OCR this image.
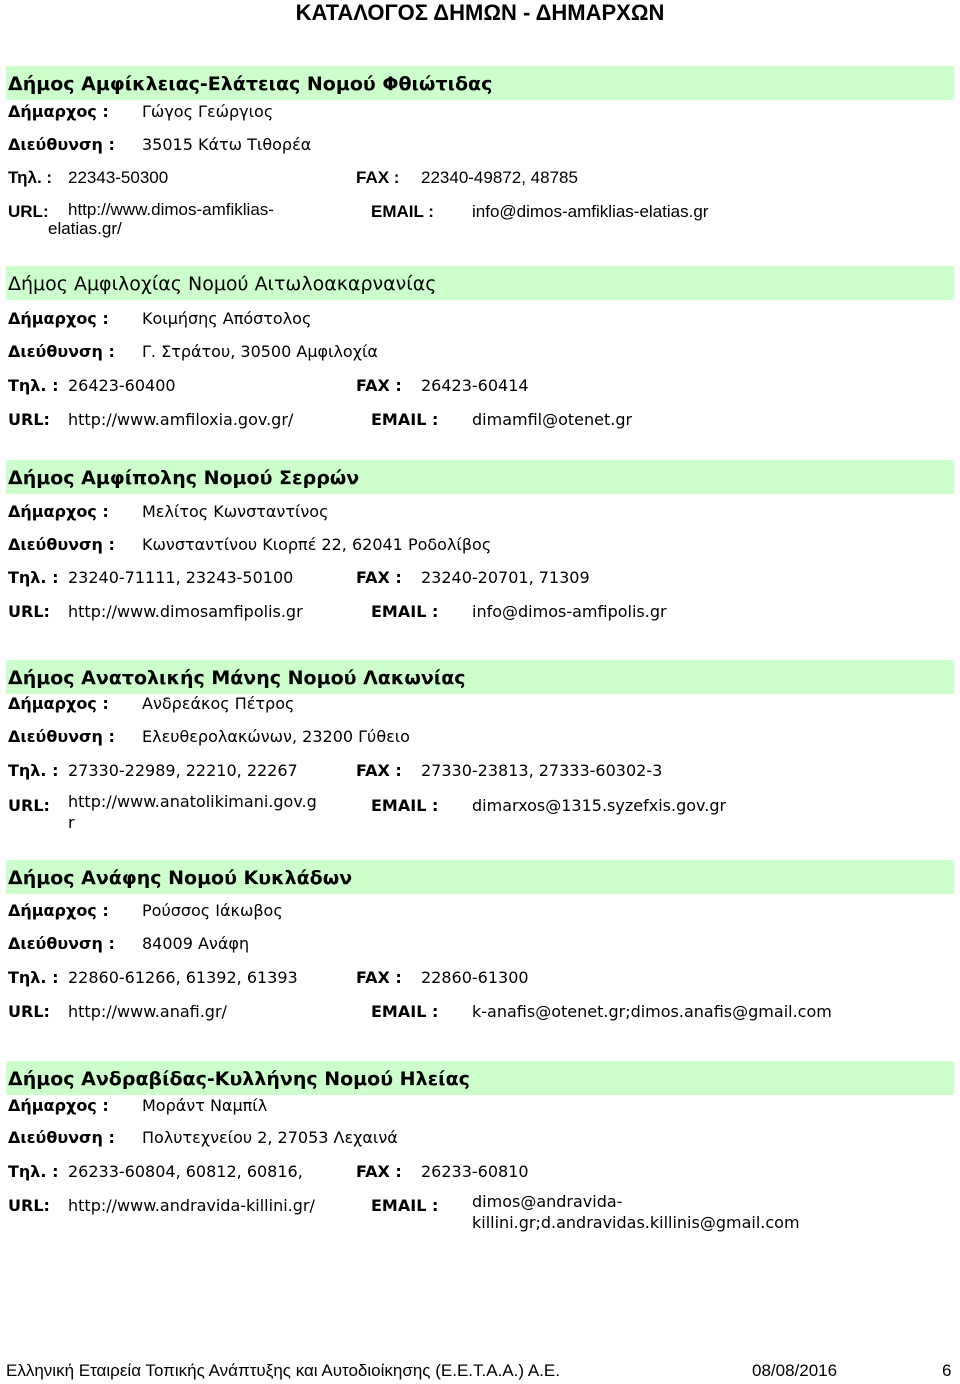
ΚΑΤΑΛΟΓΟΣ ΔΗΜΩΝ - ΔΗΜΑΡΧΩΝ
Δήμος Αμφίκλειας-Ελάτειας Νομού Φθιώτιδας
Δήμαρχος : Γώγος Γεώργιος
Διεύθυνση : 35015 Κάτω Τιθορέα
Τηλ. : 22343-50300	FAX : 22340-49872, 48785
URL: http://www.dimos-amfiklias-
elatias.gr/
EMAIL : info@dimos-amfiklias-elatias.gr
Δήμος Αμφιλοχίας Νομού Αιτωλοακαρνανίας
Δήμαρχος : Κοιμήσης Απόστολος
Διεύθυνση : Γ. Στράτου, 30500 Αμφιλοχία
Τηλ. : 26423-60400	FAX : 26423-60414
URL: http://www.amfiloxia.gov.gr/	EMAIL : dimamfil@otenet.gr
Δήμος Αμφίπολης Νομού Σερρών
Δήμαρχος : Μελίτος Κωνσταντίνος
Διεύθυνση : Κωνσταντίνου Κιορπέ 22, 62041 Ροδολίβος
Τηλ. : 23240-71111, 23243-50100	FAX : 23240-20701, 71309
URL: http://www.dimosamfipolis.gr	EMAIL : info@dimos-amfipolis.gr
Δήμος Ανατολικής Μάνης Νομού Λακωνίας
Δήμαρχος : Ανδρεάκος Πέτρος
Διεύθυνση : Ελευθερολακώνων, 23200 Γύθειο
Τηλ. : 27330-22989, 22210, 22267	FAX : 27330-23813, 27333-60302-3
URL: http://www.anatolikimani.gov.g
r
EMAIL : dimarxos@1315.syzefxis.gov.gr
Δήμος Ανάφης Νομού Κυκλάδων
Δήμαρχος : Ρούσσος Ιάκωβος
Διεύθυνση : 84009 Ανάφη
Τηλ. : 22860-61266, 61392, 61393	FAX : 22860-61300
URL: http://www.anafi.gr/	EMAIL : k-anafis@otenet.gr;dimos.anafis@gmail.com
Δήμος Ανδραβίδας-Κυλλήνης Νομού Ηλείας
Δήμαρχος : Μοράντ Ναμπίλ
Διεύθυνση : Πολυτεχνείου 2, 27053 Λεχαινά
Τηλ. : 26233-60804, 60812, 60816,	FAX : 26233-60810
URL: http://www.andravida-killini.gr/	EMAIL : dimos@andravida-
killini.gr;d.andravidas.killinis@gmail.com
Ελληνική Εταιρεία Τοπικής Ανάπτυξης και Αυτοδιοίκησης (Ε.Ε.Τ.Α.Α.) Α.Ε.	08/08/2016	6
